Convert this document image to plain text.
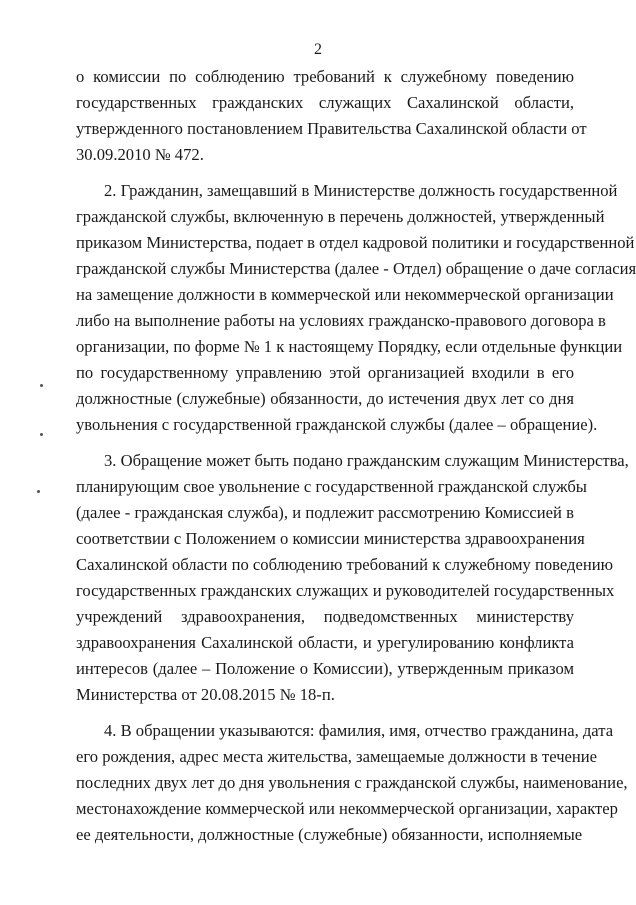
2
о комиссии по соблюдению требований к служебному поведению
государственных гражданских служащих Сахалинской области,
утвержденного постановлением Правительства Сахалинской области от
30.09.2010 № 472.
2. Гражданин, замещавший в Министерстве должность государственной
гражданской службы, включенную в перечень должностей, утвержденный
приказом Министерства, подает в отдел кадровой политики и государственной
гражданской службы Министерства (далее - Отдел) обращение о даче согласия
на замещение должности в коммерческой или некоммерческой организации
либо на выполнение работы на условиях гражданско-правового договора в
организации, по форме № 1 к настоящему Порядку, если отдельные функции
по государственному управлению этой организацией входили в его
должностные (служебные) обязанности, до истечения двух лет со дня
увольнения с государственной гражданской службы (далее – обращение).
3. Обращение может быть подано гражданским служащим Министерства,
планирующим свое увольнение с государственной гражданской службы
(далее - гражданская служба), и подлежит рассмотрению Комиссией в
соответствии с Положением о комиссии министерства здравоохранения
Сахалинской области по соблюдению требований к служебному поведению
государственных гражданских служащих и руководителей государственных
учреждений здравоохранения, подведомственных министерству
здравоохранения Сахалинской области, и урегулированию конфликта
интересов (далее – Положение о Комиссии), утвержденным приказом
Министерства от 20.08.2015 № 18-п.
4. В обращении указываются: фамилия, имя, отчество гражданина, дата
его рождения, адрес места жительства, замещаемые должности в течение
последних двух лет до дня увольнения с гражданской службы, наименование,
местонахождение коммерческой или некоммерческой организации, характер
ее деятельности, должностные (служебные) обязанности, исполняемые
